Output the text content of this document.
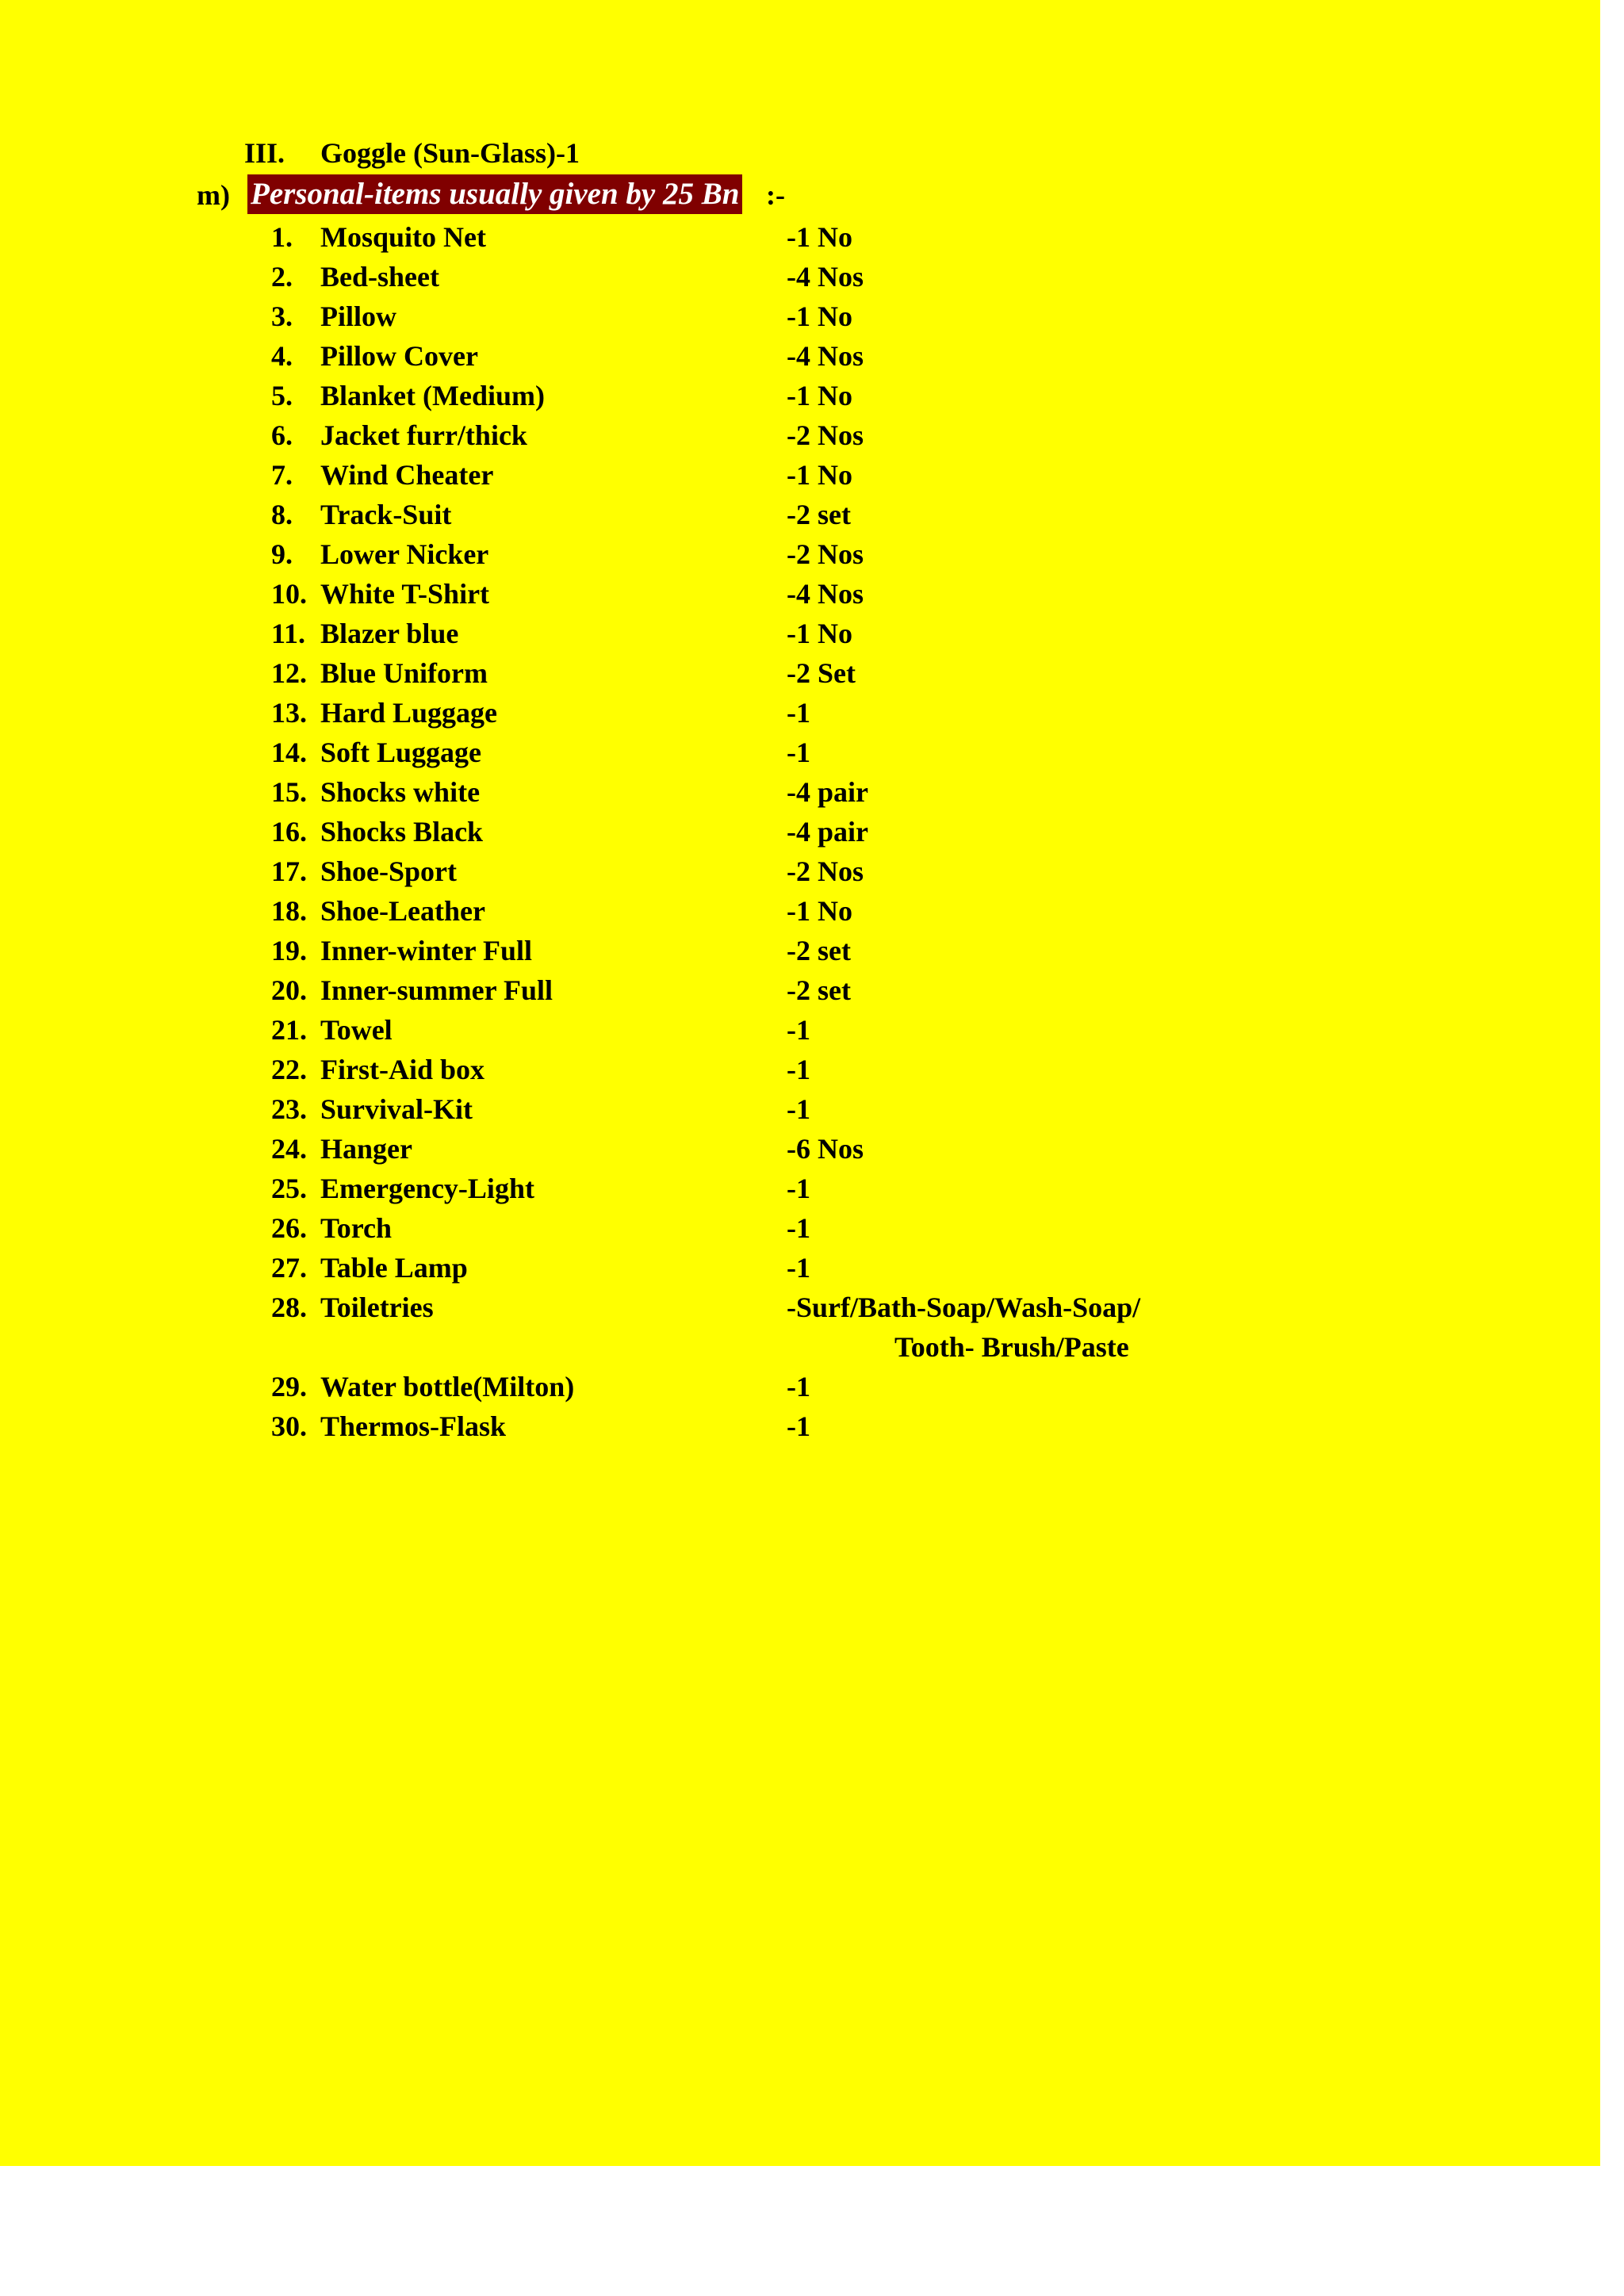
III. Goggle (Sun-Glass)-1
m) Personal-items usually given by 25 Bn :-
1. Mosquito Net	-1 No
2. Bed-sheet	-4 Nos
3. Pillow	-1 No
4. Pillow Cover	-4 Nos
5. Blanket (Medium)	-1 No
6. Jacket furr/thick	-2 Nos
7. Wind Cheater	-1 No
8. Track-Suit	-2 set
9. Lower Nicker	-2 Nos
10. White T-Shirt	-4 Nos
11. Blazer blue	-1 No
12. Blue Uniform	-2 Set
13. Hard Luggage	-1
14. Soft Luggage	-1
15. Shocks white	-4 pair
16. Shocks Black	-4 pair
17. Shoe-Sport	-2 Nos
18. Shoe-Leather	-1 No
19. Inner-winter Full	-2 set
20. Inner-summer Full	-2 set
21. Towel	-1
22. First-Aid box	-1
23. Survival-Kit	-1
24. Hanger	-6 Nos
25. Emergency-Light	-1
26. Torch	-1
27. Table Lamp	-1
28. Toiletries	-Surf/Bath-Soap/Wash-Soap/
Tooth- Brush/Paste
29. Water bottle(Milton)	-1
30. Thermos-Flask	-1
